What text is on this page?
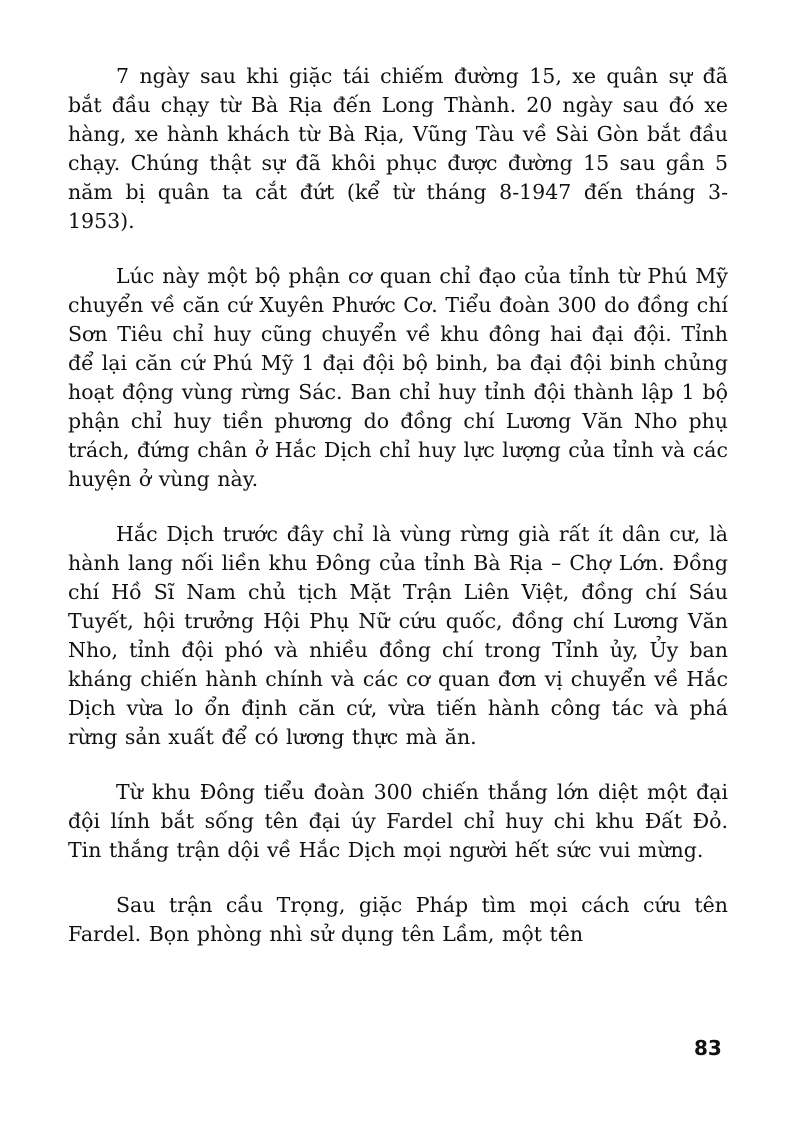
7 ngày sau khi giặc tái chiếm đường 15, xe quân sự đã bắt đầu chạy từ Bà Rịa đến Long Thành. 20 ngày sau đó xe hàng, xe hành khách từ Bà Rịa, Vũng Tàu về Sài Gòn bắt đầu chạy. Chúng thật sự đã khôi phục được đường 15 sau gần 5 năm bị quân ta cắt đứt (kể từ tháng 8-1947 đến tháng 3-1953).

Lúc này một bộ phận cơ quan chỉ đạo của tỉnh từ Phú Mỹ chuyển về căn cứ Xuyên Phước Cơ. Tiểu đoàn 300 do đồng chí Sơn Tiêu chỉ huy cũng chuyển về khu đông hai đại đội. Tỉnh để lại căn cứ Phú Mỹ 1 đại đội bộ binh, ba đại đội binh chủng hoạt động vùng rừng Sác. Ban chỉ huy tỉnh đội thành lập 1 bộ phận chỉ huy tiền phương do đồng chí Lương Văn Nho phụ trách, đứng chân ở Hắc Dịch chỉ huy lực lượng của tỉnh và các huyện ở vùng này.

Hắc Dịch trước đây chỉ là vùng rừng già rất ít dân cư, là hành lang nối liền khu Đông của tỉnh Bà Rịa – Chợ Lớn. Đồng chí Hồ Sĩ Nam chủ tịch Mặt Trận Liên Việt, đồng chí Sáu Tuyết, hội trưởng Hội Phụ Nữ cứu quốc, đồng chí Lương Văn Nho, tỉnh đội phó và nhiều đồng chí trong Tỉnh ủy, Ủy ban kháng chiến hành chính và các cơ quan đơn vị chuyển về Hắc Dịch vừa lo ổn định căn cứ, vừa tiến hành công tác và phá rừng sản xuất để có lương thực mà ăn.

Từ khu Đông tiểu đoàn 300 chiến thắng lớn diệt một đại đội lính bắt sống tên đại úy Fardel chỉ huy chi khu Đất Đỏ. Tin thắng trận dội về Hắc Dịch mọi người hết sức vui mừng.

Sau trận cầu Trọng, giặc Pháp tìm mọi cách cứu tên Fardel. Bọn phòng nhì sử dụng tên Lầm, một tên

83
